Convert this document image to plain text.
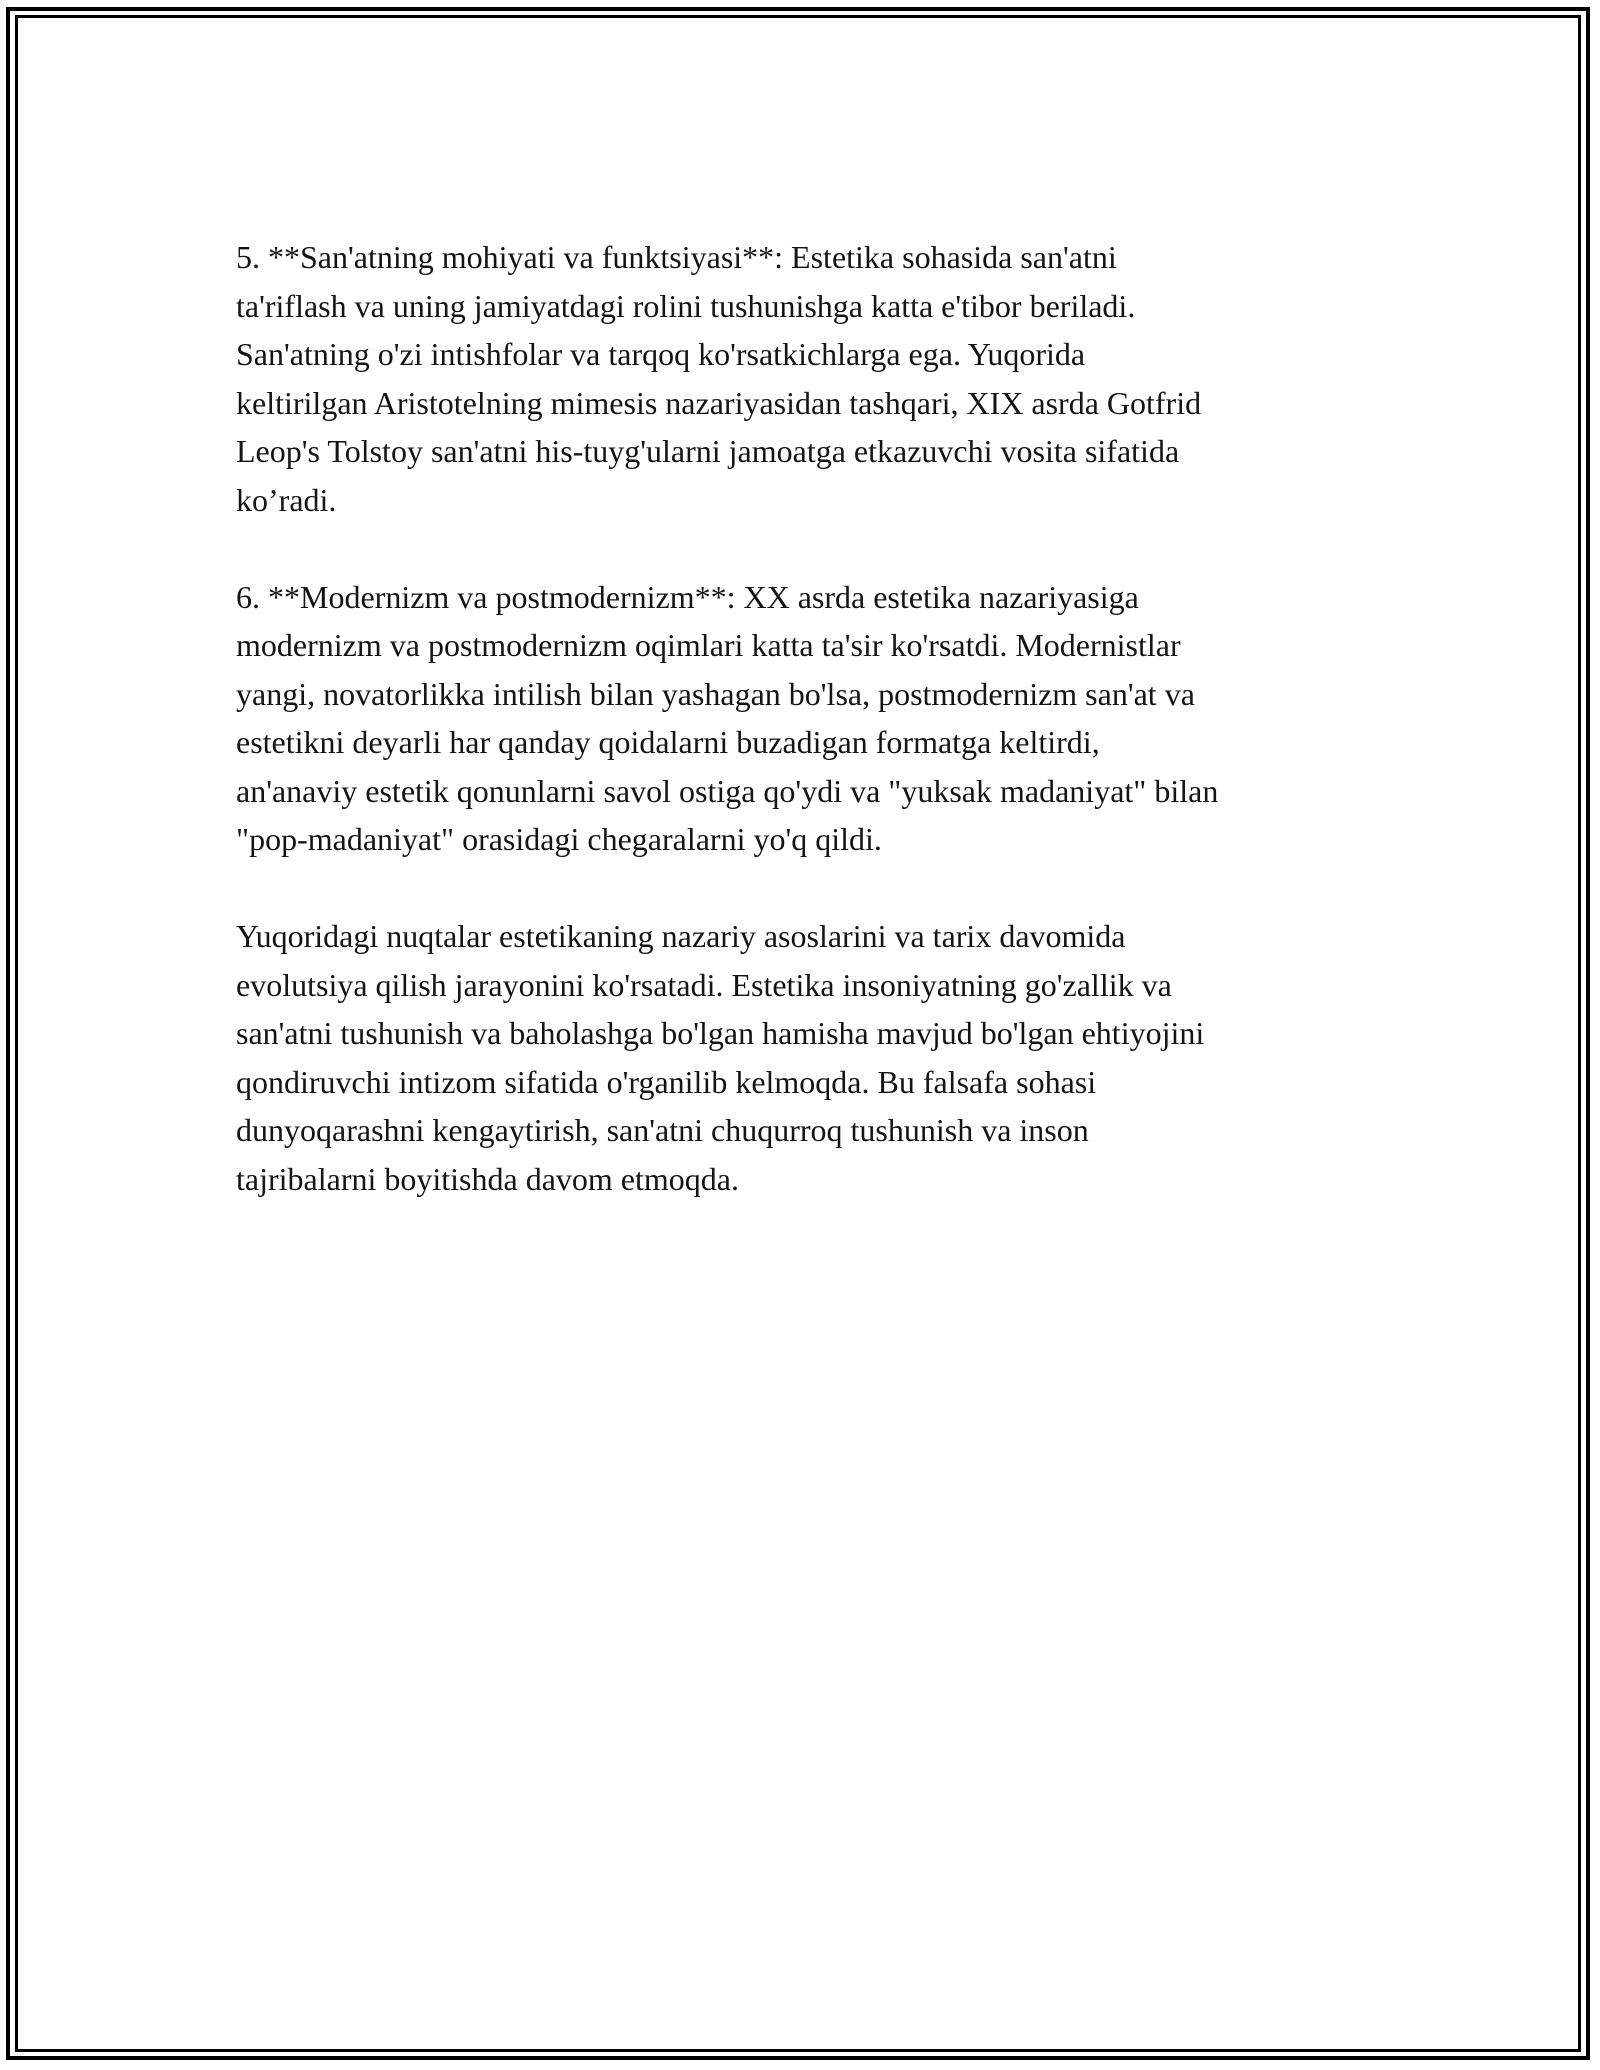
5. **San'atning mohiyati va funktsiyasi**: Estetika sohasida san'atni
ta'riflash va uning jamiyatdagi rolini tushunishga katta e'tibor beriladi.
San'atning o'zi intishfolar va tarqoq ko'rsatkichlarga ega. Yuqorida
keltirilgan Aristotelning mimesis nazariyasidan tashqari, XIX asrda Gotfrid
Leop's Tolstoy san'atni his-tuyg'ularni jamoatga etkazuvchi vosita sifatida
ko’radi.

6. **Modernizm va postmodernizm**: XX asrda estetika nazariyasiga
modernizm va postmodernizm oqimlari katta ta'sir ko'rsatdi. Modernistlar
yangi, novatorlikka intilish bilan yashagan bo'lsa, postmodernizm san'at va
estetikni deyarli har qanday qoidalarni buzadigan formatga keltirdi,
an'anaviy estetik qonunlarni savol ostiga qo'ydi va "yuksak madaniyat" bilan
"pop-madaniyat" orasidagi chegaralarni yo'q qildi.

Yuqoridagi nuqtalar estetikaning nazariy asoslarini va tarix davomida
evolutsiya qilish jarayonini ko'rsatadi. Estetika insoniyatning go'zallik va
san'atni tushunish va baholashga bo'lgan hamisha mavjud bo'lgan ehtiyojini
qondiruvchi intizom sifatida o'rganilib kelmoqda. Bu falsafa sohasi
dunyoqarashni kengaytirish, san'atni chuqurroq tushunish va inson
tajribalarni boyitishda davom etmoqda.
